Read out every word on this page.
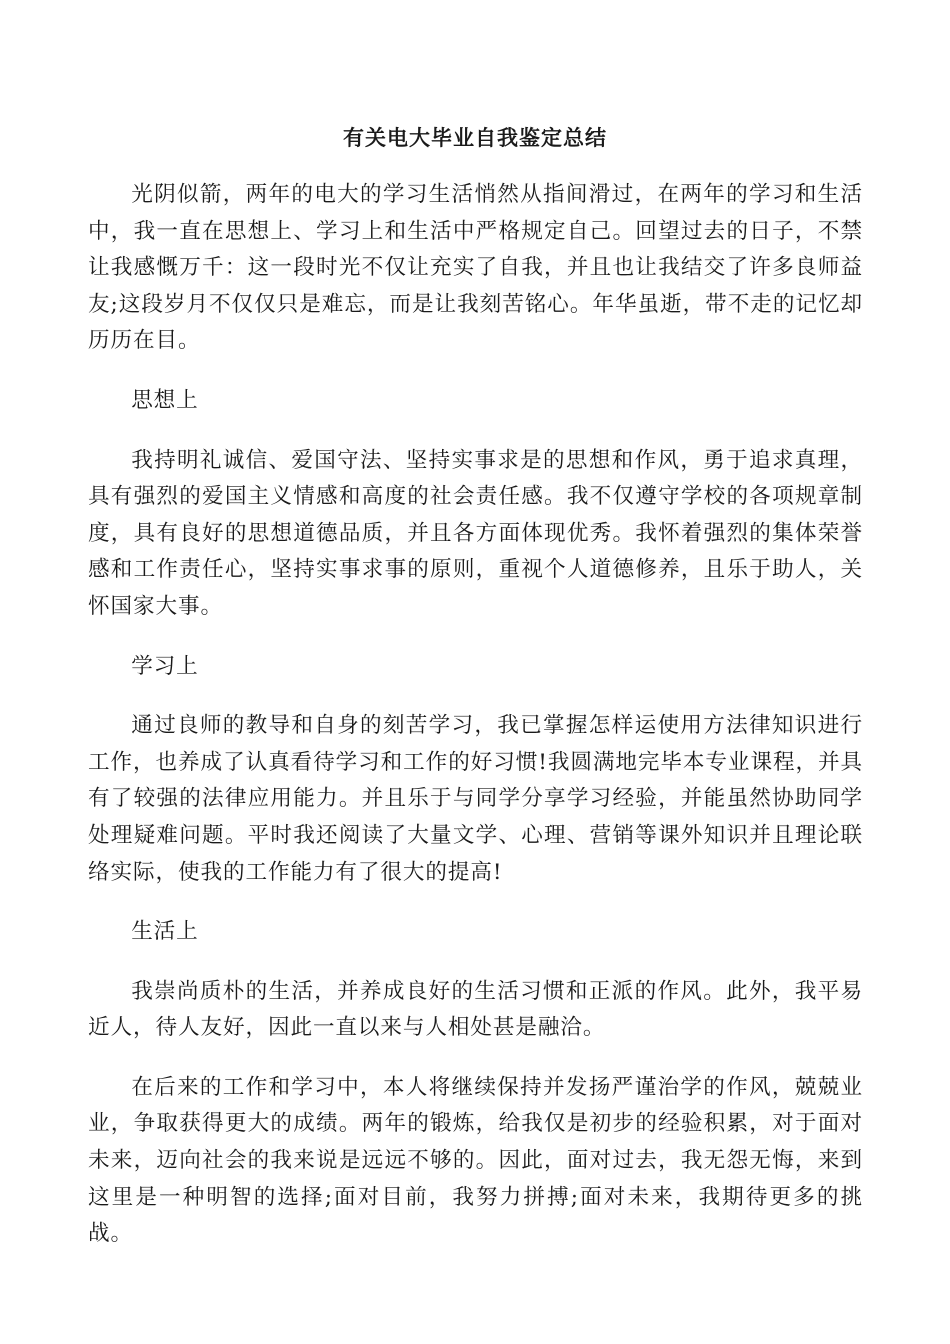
有关电大毕业自我鉴定总结

光阴似箭，两年的电大的学习生活悄然从指间滑过，在两年的学习和生活中，我一直在思想上、学习上和生活中严格规定自己。回望过去的日子，不禁让我感慨万千：这一段时光不仅让充实了自我，并且也让我结交了许多良师益友;这段岁月不仅仅只是难忘，而是让我刻苦铭心。年华虽逝，带不走的记忆却历历在目。

思想上

我持明礼诚信、爱国守法、坚持实事求是的思想和作风，勇于追求真理，具有强烈的爱国主义情感和高度的社会责任感。我不仅遵守学校的各项规章制度，具有良好的思想道德品质，并且各方面体现优秀。我怀着强烈的集体荣誉感和工作责任心，坚持实事求事的原则，重视个人道德修养，且乐于助人，关怀国家大事。

学习上

通过良师的教导和自身的刻苦学习，我已掌握怎样运使用方法律知识进行工作，也养成了认真看待学习和工作的好习惯!我圆满地完毕本专业课程，并具有了较强的法律应用能力。并且乐于与同学分享学习经验，并能虽然协助同学处理疑难问题。平时我还阅读了大量文学、心理、营销等课外知识并且理论联络实际，使我的工作能力有了很大的提高!

生活上

我崇尚质朴的生活，并养成良好的生活习惯和正派的作风。此外，我平易近人，待人友好，因此一直以来与人相处甚是融洽。

在后来的工作和学习中，本人将继续保持并发扬严谨治学的作风，兢兢业业，争取获得更大的成绩。两年的锻炼，给我仅是初步的经验积累，对于面对未来，迈向社会的我来说是远远不够的。因此，面对过去，我无怨无悔，来到这里是一种明智的选择;面对目前，我努力拼搏;面对未来，我期待更多的挑战。
